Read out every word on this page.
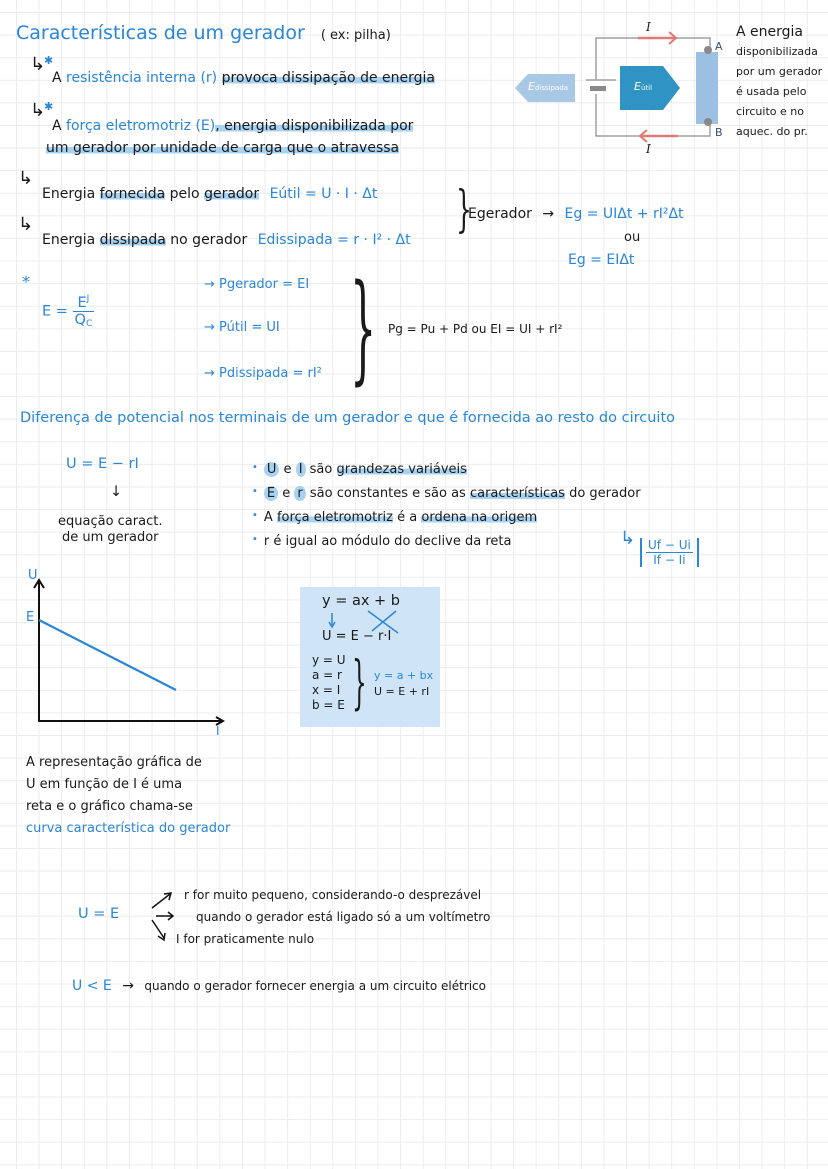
Características de um gerador ( ex: pilha)
↳
✱
A resistência interna (r) provoca dissipação de energia
↳
✱
A força eletromotriz (E), energia disponibilizada por
um gerador por unidade de carga que o atravessa
I
I
A
B
Edissipada	Eútil
A energia
disponibilizada
por um gerador
é usada pelo
circuito e no
aquec. do pr.
↳
Energia fornecida pelo gerador Eútil = U · I · Δt
↳
Energia dissipada no gerador Edissipada = r · I² · Δt
}
Egerador → Eg = UIΔt + rI²Δt
ou
Eg = EIΔt
*
$E = \frac{E^J}{Q_C}$
→ Pgerador = EI
→ Pútil = UI
→ Pdissipada = rI² } Pg = Pu + Pd ou EI = UI + rI²
Diferença de potencial nos terminais de um gerador e que é fornecida ao resto do circuito
U = E − rI
↓
equação caract.
de um gerador
• U e I são grandezas variáveis
• E e r são constantes e são as características do gerador
• A força eletromotriz é a ordena na origem
• r é igual ao módulo do declive da reta	↳ $\frac{Uf - Ui}{If - Ii}$
U
E
I
y = ax + b
U = E − r·I
y = U
a = r
x = I
b = E } y = a + bx
U = E + rI
A representação gráfica de
U em função de I é uma
reta e o gráfico chama-se
curva característica do gerador
U = E
r for muito pequeno, considerando-o desprezável
quando o gerador está ligado só a um voltímetro
I for praticamente nulo
U < E → quando o gerador fornecer energia a um circuito elétrico
